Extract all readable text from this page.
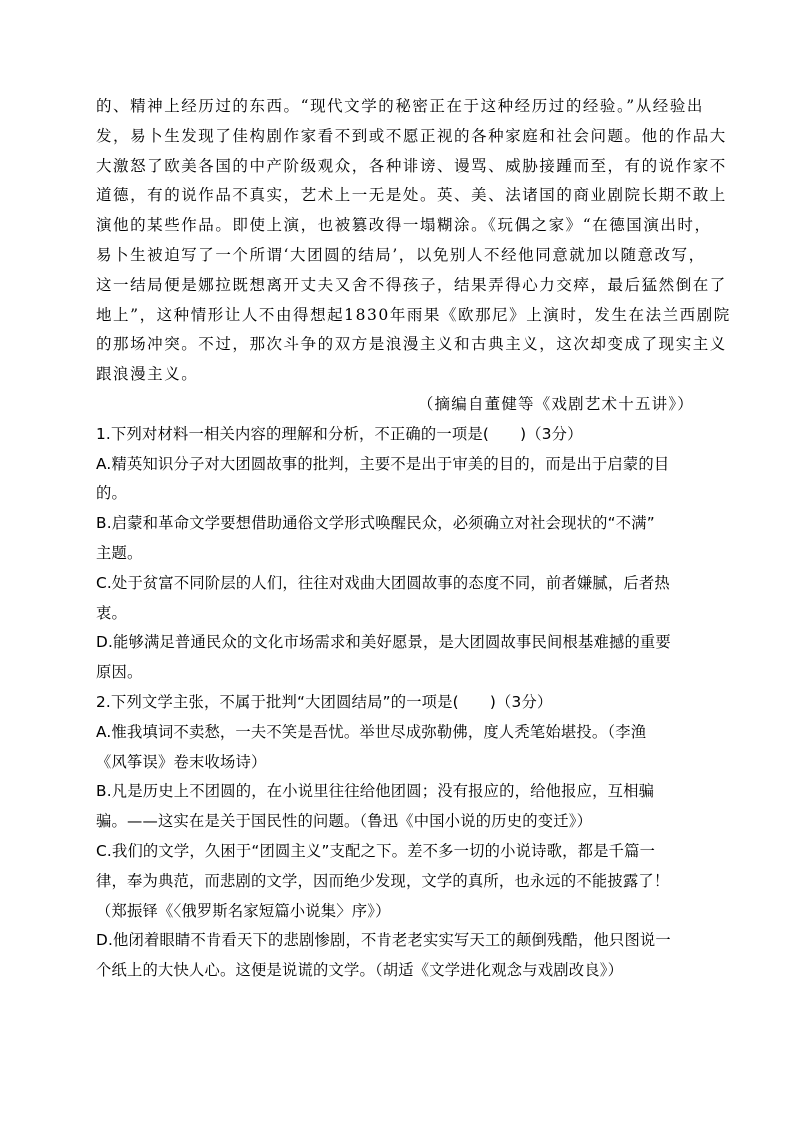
的、精神上经历过的东西。“现代文学的秘密正在于这种经历过的经验。”从经验出
发，易卜生发现了佳构剧作家看不到或不愿正视的各种家庭和社会问题。他的作品大
大激怒了欧美各国的中产阶级观众，各种诽谤、谩骂、威胁接踵而至，有的说作家不
道德，有的说作品不真实，艺术上一无是处。英、美、法诸国的商业剧院长期不敢上
演他的某些作品。即使上演，也被篡改得一塌糊涂。《玩偶之家》“在德国演出时，
易卜生被迫写了一个所谓‘大团圆的结局’，以免别人不经他同意就加以随意改写，
这一结局便是娜拉既想离开丈夫又舍不得孩子，结果弄得心力交瘁，最后猛然倒在了
地上”，这种情形让人不由得想起1830年雨果《欧那尼》上演时，发生在法兰西剧院
的那场冲突。不过，那次斗争的双方是浪漫主义和古典主义，这次却变成了现实主义
跟浪漫主义。
（摘编自董健等《戏剧艺术十五讲》）
1.下列对材料一相关内容的理解和分析，不正确的一项是(　　)（3分）
A.精英知识分子对大团圆故事的批判，主要不是出于审美的目的，而是出于启蒙的目
的。
B.启蒙和革命文学要想借助通俗文学形式唤醒民众，必须确立对社会现状的“不满”
主题。
C.处于贫富不同阶层的人们，往往对戏曲大团圆故事的态度不同，前者嫌腻，后者热
衷。
D.能够满足普通民众的文化市场需求和美好愿景，是大团圆故事民间根基难撼的重要
原因。
2.下列文学主张，不属于批判“大团圆结局”的一项是(　　)（3分）
A.惟我填词不卖愁，一夫不笑是吾忧。举世尽成弥勒佛，度人秃笔始堪投。（李渔
《风筝误》卷末收场诗）
B.凡是历史上不团圆的，在小说里往往给他团圆；没有报应的，给他报应，互相骗
骗。——这实在是关于国民性的问题。（鲁迅《中国小说的历史的变迁》）
C.我们的文学，久困于“团圆主义”支配之下。差不多一切的小说诗歌，都是千篇一
律，奉为典范，而悲剧的文学，因而绝少发现，文学的真所，也永远的不能披露了！
（郑振铎《〈俄罗斯名家短篇小说集〉序》）
D.他闭着眼睛不肯看天下的悲剧惨剧，不肯老老实实写天工的颠倒残酷，他只图说一
个纸上的大快人心。这便是说谎的文学。（胡适《文学进化观念与戏剧改良》）
